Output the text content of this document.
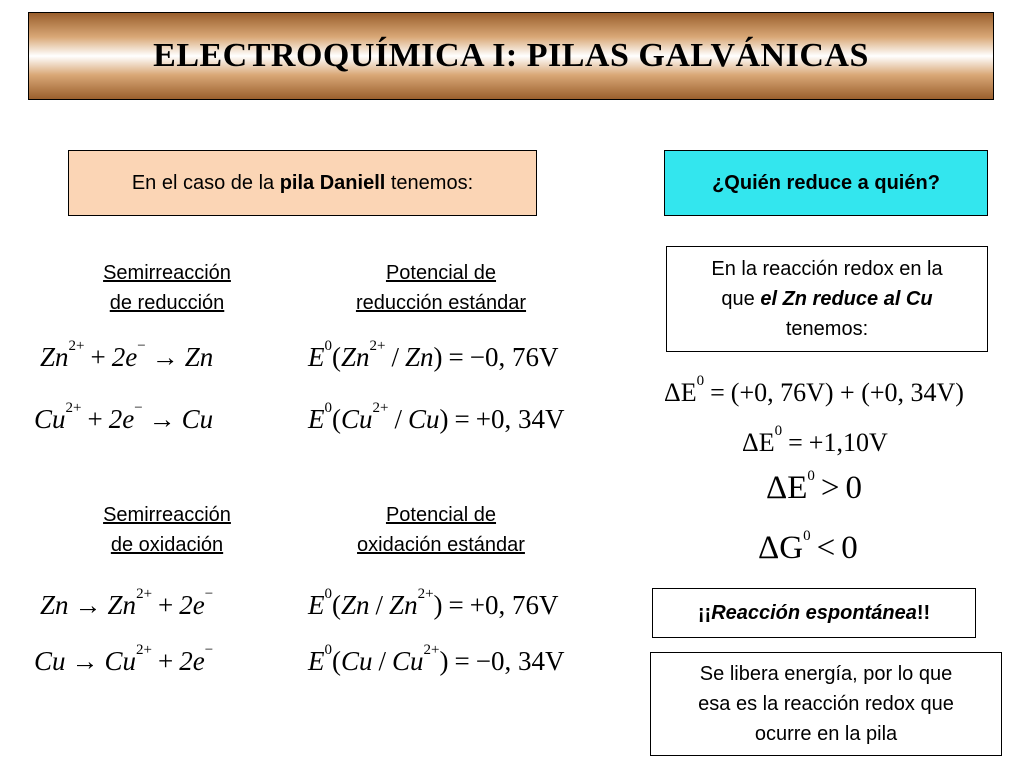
ELECTROQUÍMICA I: PILAS GALVÁNICAS
En el caso de la pila Daniell tenemos:	¿Quién reduce a quién?
Semirreacción
de reducción
Potencial de
reducción estándar
Semirreacción
de oxidación
Potencial de
oxidación estándar
$Zn^{2+} + 2e^- \to Zn$
$Cu^{2+} + 2e^- \to Cu$
$E^0(Zn^{2+} / Zn) = -0$, 76V
$E^0(Cu^{2+} / Cu) = +0$, 34V
$Zn \to Zn^{2+} + 2e^-$
$Cu \to Cu^{2+} + 2e^-$
$E^0(Zn / Zn^{2+}) = +0$, 76V
$E^0(Cu / Cu^{2+}) = -0$, 34V
En la reacción redox en la
que el Zn reduce al Cu
tenemos:
$\Delta E^0 = (+0$, 76V) + (+0, 34V)
$\Delta E^0 = +1,10V$
$\Delta E^0 > 0$
$\Delta G^0 < 0$
¡¡Reacción espontánea!!
Se libera energía, por lo que
esa es la reacción redox que
ocurre en la pila
